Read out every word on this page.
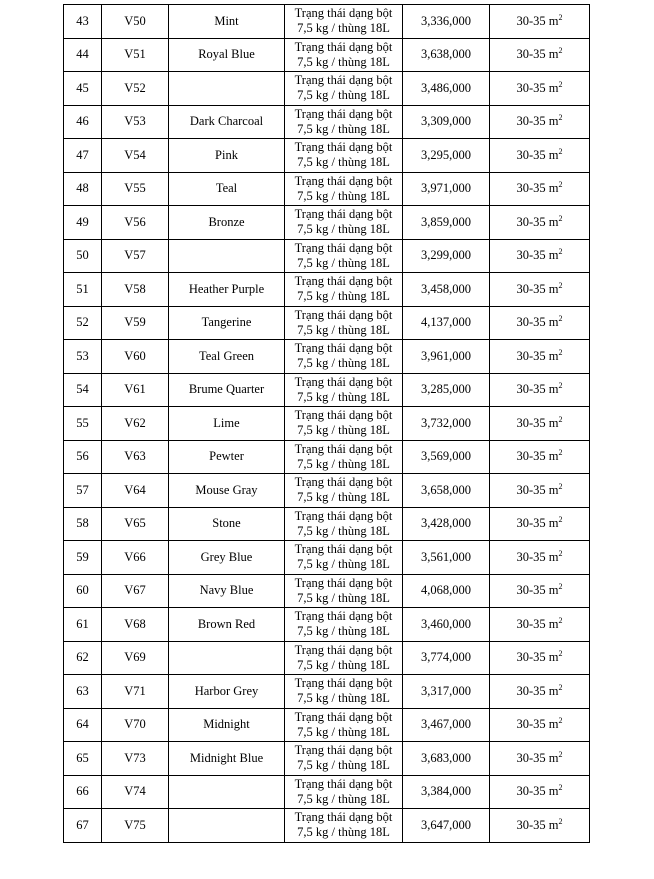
43	V50	Mint	Trạng thái dạng bột
7,5 kg / thùng 18L	3,336,000	30-35 $m^2$
44	V51	Royal Blue	Trạng thái dạng bột
7,5 kg / thùng 18L	3,638,000	30-35 $m^2$
45	V52		Trạng thái dạng bột
7,5 kg / thùng 18L	3,486,000	30-35 $m^2$
46	V53	Dark Charcoal	Trạng thái dạng bột
7,5 kg / thùng 18L	3,309,000	30-35 $m^2$
47	V54	Pink	Trạng thái dạng bột
7,5 kg / thùng 18L	3,295,000	30-35 $m^2$
48	V55	Teal	Trạng thái dạng bột
7,5 kg / thùng 18L	3,971,000	30-35 $m^2$
49	V56	Bronze	Trạng thái dạng bột
7,5 kg / thùng 18L	3,859,000	30-35 $m^2$
50	V57		Trạng thái dạng bột
7,5 kg / thùng 18L	3,299,000	30-35 $m^2$
51	V58	Heather Purple	Trạng thái dạng bột
7,5 kg / thùng 18L	3,458,000	30-35 $m^2$
52	V59	Tangerine	Trạng thái dạng bột
7,5 kg / thùng 18L	4,137,000	30-35 $m^2$
53	V60	Teal Green	Trạng thái dạng bột
7,5 kg / thùng 18L	3,961,000	30-35 $m^2$
54	V61	Brume Quarter	Trạng thái dạng bột
7,5 kg / thùng 18L	3,285,000	30-35 $m^2$
55	V62	Lime	Trạng thái dạng bột
7,5 kg / thùng 18L	3,732,000	30-35 $m^2$
56	V63	Pewter	Trạng thái dạng bột
7,5 kg / thùng 18L	3,569,000	30-35 $m^2$
57	V64	Mouse Gray	Trạng thái dạng bột
7,5 kg / thùng 18L	3,658,000	30-35 $m^2$
58	V65	Stone	Trạng thái dạng bột
7,5 kg / thùng 18L	3,428,000	30-35 $m^2$
59	V66	Grey Blue	Trạng thái dạng bột
7,5 kg / thùng 18L	3,561,000	30-35 $m^2$
60	V67	Navy Blue	Trạng thái dạng bột
7,5 kg / thùng 18L	4,068,000	30-35 $m^2$
61	V68	Brown Red	Trạng thái dạng bột
7,5 kg / thùng 18L	3,460,000	30-35 $m^2$
62	V69		Trạng thái dạng bột
7,5 kg / thùng 18L	3,774,000	30-35 $m^2$
63	V71	Harbor Grey	Trạng thái dạng bột
7,5 kg / thùng 18L	3,317,000	30-35 $m^2$
64	V70	Midnight	Trạng thái dạng bột
7,5 kg / thùng 18L	3,467,000	30-35 $m^2$
65	V73	Midnight Blue	Trạng thái dạng bột
7,5 kg / thùng 18L	3,683,000	30-35 $m^2$
66	V74		Trạng thái dạng bột
7,5 kg / thùng 18L	3,384,000	30-35 $m^2$
67	V75		Trạng thái dạng bột
7,5 kg / thùng 18L	3,647,000	30-35 $m^2$
